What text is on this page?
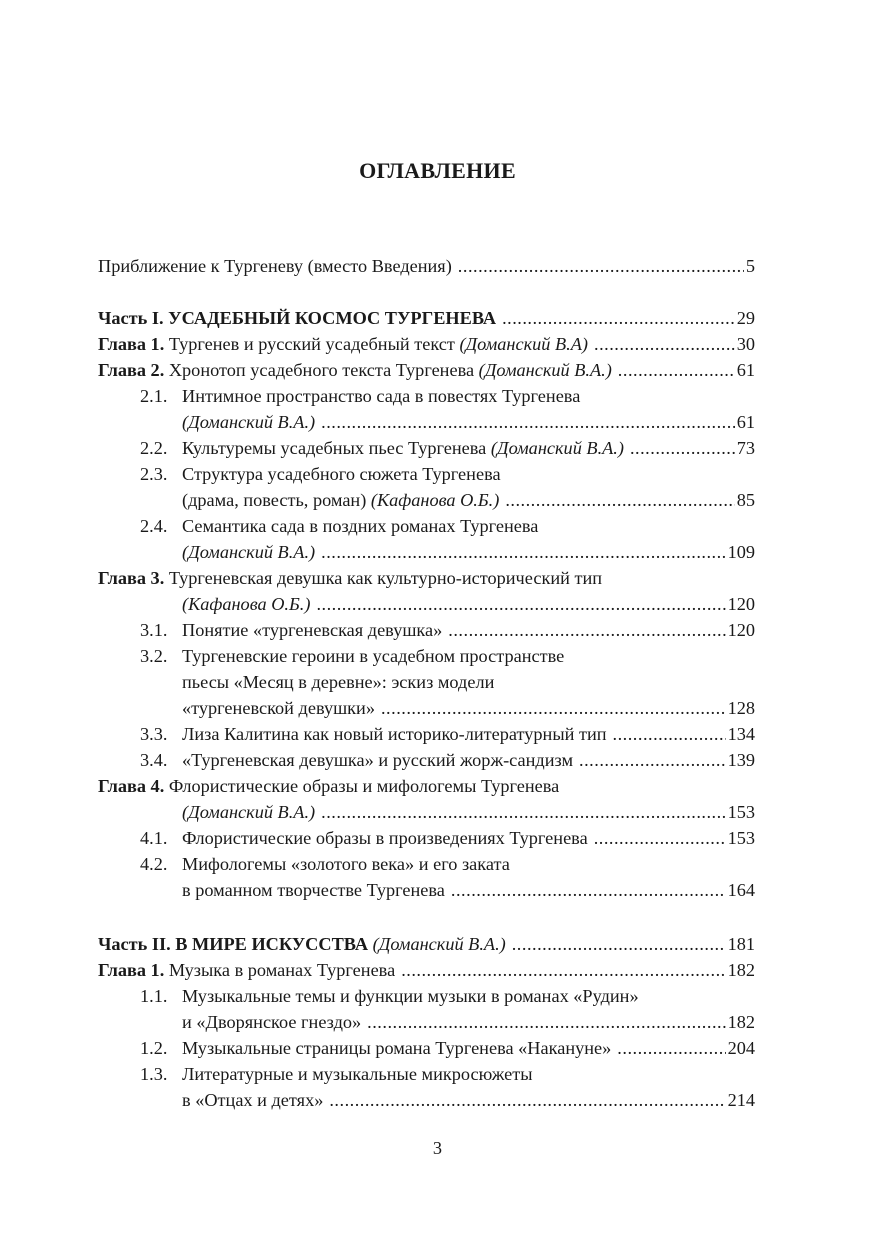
ОГЛАВЛЕНИЕ
Приближение к Тургеневу (вместо Введения) .....	5
Часть I. УСАДЕБНЫЙ КОСМОС ТУРГЕНЕВА .....	29
Глава 1. Тургенев и русский усадебный текст (Доманский В.А) .....	30
Глава 2. Хронотоп усадебного текста Тургенева (Доманский В.А.) .....	61
2.1. Интимное пространство сада в повестях Тургенева
(Доманский В.А.) .....	61
2.2. Культуремы усадебных пьес Тургенева (Доманский В.А.) .....	73
2.3. Структура усадебного сюжета Тургенева
(драма, повесть, роман) (Кафанова О.Б.) .....	85
2.4. Семантика сада в поздних романах Тургенева
(Доманский В.А.) .....	109
Глава 3. Тургеневская девушка как культурно-исторический тип
(Кафанова О.Б.) .....	120
3.1. Понятие «тургеневская девушка» .....	120
3.2. Тургеневские героини в усадебном пространстве
пьесы «Месяц в деревне»: эскиз модели
«тургеневской девушки» .....	128
3.3. Лиза Калитина как новый историко-литературный тип .....	134
3.4. «Тургеневская девушка» и русский жорж-сандизм .....	139
Глава 4. Флористические образы и мифологемы Тургенева
(Доманский В.А.) .....	153
4.1. Флористические образы в произведениях Тургенева .....	153
4.2. Мифологемы «золотого века» и его заката
в романном творчестве Тургенева .....	164
Часть II. В МИРЕ ИСКУССТВА (Доманский В.А.) .....	181
Глава 1. Музыка в романах Тургенева .....	182
1.1. Музыкальные темы и функции музыки в романах «Рудин»
и «Дворянское гнездо» .....	182
1.2. Музыкальные страницы романа Тургенева «Накануне» .....	204
1.3. Литературные и музыкальные микросюжеты
в «Отцах и детях» .....	214
3
